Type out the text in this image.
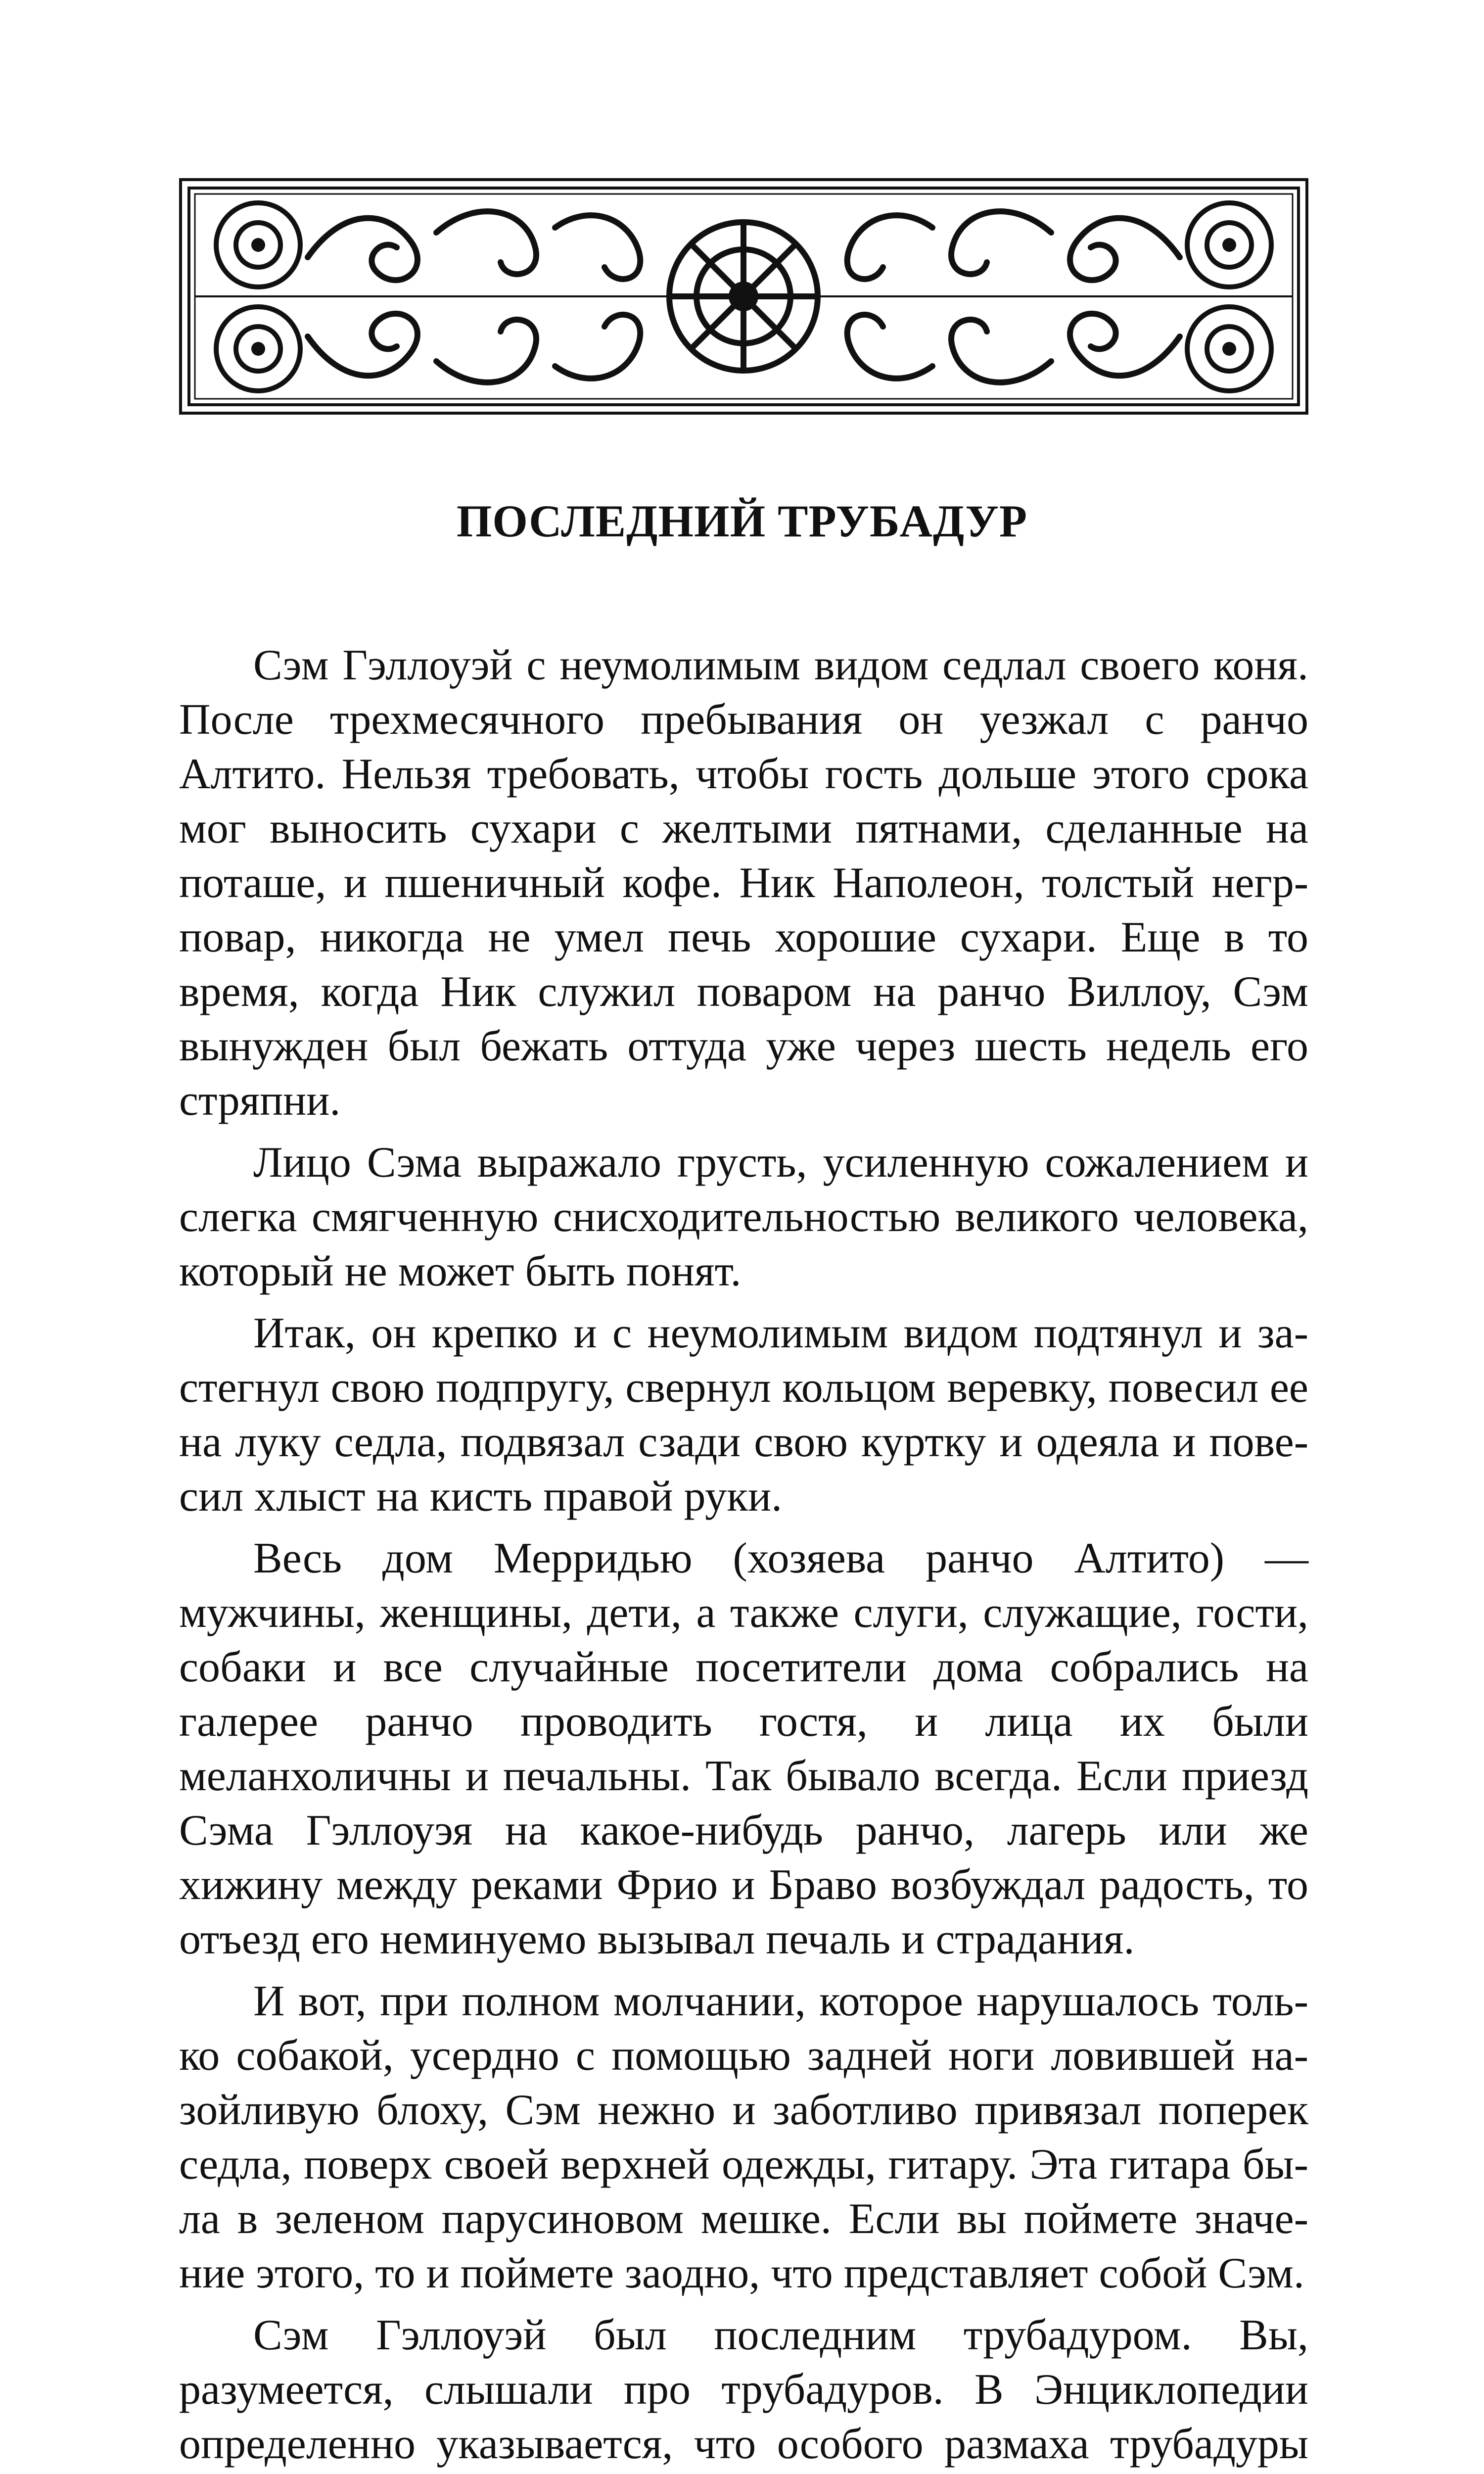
ПОСЛЕДНИЙ ТРУБАДУР

Сэм Гэллоуэй с неумолимым видом седлал своего коня. После трехмесячного пребывания он уезжал с ранчо Алтито. Нельзя требовать, чтобы гость дольше этого срока мог выносить сухари с желтыми пятнами, сделанные на поташе, и пшеничный кофе. Ник Наполеон, толстый негр-повар, никогда не умел печь хорошие сухари. Еще в то время, когда Ник служил поваром на ранчо Виллоу, Сэм вынужден был бежать оттуда уже через шесть недель его стряпни.

Лицо Сэма выражало грусть, усиленную сожалением и слегка смягченную снисходительностью великого человека, который не может быть понят.

Итак, он крепко и с неумолимым видом подтянул и застегнул свою подпругу, свернул кольцом веревку, повесил ее на луку седла, подвязал сзади свою куртку и одеяла и повесил хлыст на кисть правой руки.

Весь дом Мерридью (хозяева ранчо Алтито) — мужчины, женщины, дети, а также слуги, служащие, гости, собаки и все случайные посетители дома собрались на галерее ранчо проводить гостя, и лица их были меланхоличны и печальны. Так бывало всегда. Если приезд Сэма Гэллоуэя на какое-нибудь ранчо, лагерь или же хижину между реками Фрио и Браво возбуждал радость, то отъезд его неминуемо вызывал печаль и страдания.

И вот, при полном молчании, которое нарушалось только собакой, усердно с помощью задней ноги ловившей назойливую блоху, Сэм нежно и заботливо привязал поперек седла, поверх своей верхней одежды, гитару. Эта гитара была в зеленом парусиновом мешке. Если вы поймете значение этого, то и поймете заодно, что представляет собой Сэм.

Сэм Гэллоуэй был последним трубадуром. Вы, разумеется, слышали про трубадуров. В Энциклопедии определенно указывается, что особого размаха трубадуры
